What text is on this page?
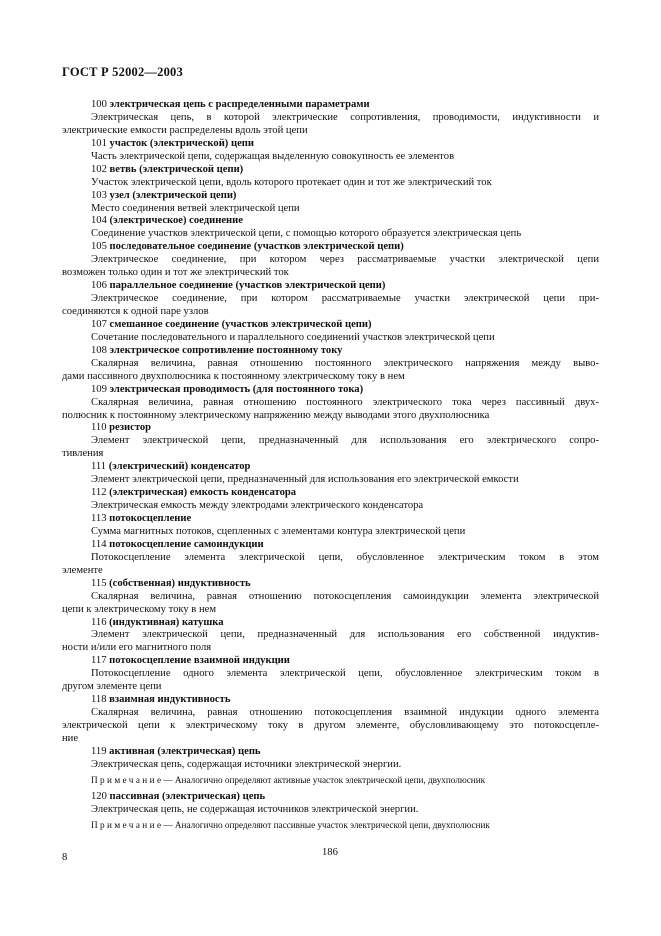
ГОСТ Р 52002—2003
100 электрическая цепь с распределенными параметрами
Электрическая цепь, в которой электрические сопротивления, проводимости, индуктивности и
электрические емкости распределены вдоль этой цепи
101 участок (электрической) цепи
Часть электрической цепи, содержащая выделенную совокупность ее элементов
102 ветвь (электрической цепи)
Участок электрической цепи, вдоль которого протекает один и тот же электрический ток
103 узел (электрической цепи)
Место соединения ветвей электрической цепи
104 (электрическое) соединение
Соединение участков электрической цепи, с помощью которого образуется электрическая цепь
105 последовательное соединение (участков электрической цепи)
Электрическое соединение, при котором через рассматриваемые участки электрической цепи
возможен только один и тот же электрический ток
106 параллельное соединение (участков электрической цепи)
Электрическое соединение, при котором рассматриваемые участки электрической цепи при-
соединяются к одной паре узлов
107 смешанное соединение (участков электрической цепи)
Сочетание последовательного и параллельного соединений участков электрической цепи
108 электрическое сопротивление постоянному току
Скалярная величина, равная отношению постоянного электрического напряжения между выво-
дами пассивного двухполюсника к постоянному электрическому току в нем
109 электрическая проводимость (для постоянного тока)
Скалярная величина, равная отношению постоянного электрического тока через пассивный двух-
полюсник к постоянному электрическому напряжению между выводами этого двухполюсника
110 резистор
Элемент электрической цепи, предназначенный для использования его электрического сопро-
тивления
111 (электрический) конденсатор
Элемент электрической цепи, предназначенный для использования его электрической емкости
112 (электрическая) емкость конденсатора
Электрическая емкость между электродами электрического конденсатора
113 потокосцепление
Сумма магнитных потоков, сцепленных с элементами контура электрической цепи
114 потокосцепление самоиндукции
Потокосцепление элемента электрической цепи, обусловленное электрическим током в этом
элементе
115 (собственная) индуктивность
Скалярная величина, равная отношению потокосцепления самоиндукции элемента электрической
цепи к электрическому току в нем
116 (индуктивная) катушка
Элемент электрической цепи, предназначенный для использования его собственной индуктив-
ности и/или его магнитного поля
117 потокосцепление взаимной индукции
Потокосцепление одного элемента электрической цепи, обусловленное электрическим током в
другом элементе цепи
118 взаимная индуктивность
Скалярная величина, равная отношению потокосцепления взаимной индукции одного элемента
электрической цепи к электрическому току в другом элементе, обусловливающему это потокосцепле-
ние
119 активная (электрическая) цепь
Электрическая цепь, содержащая источники электрической энергии.
Примечание— Аналогично определяют активные участок электрической цепи, двухполюсник
120 пассивная (электрическая) цепь
Электрическая цепь, не содержащая источников электрической энергии.
Примечание— Аналогично определяют пассивные участок электрической цепи, двухполюсник
8	186
